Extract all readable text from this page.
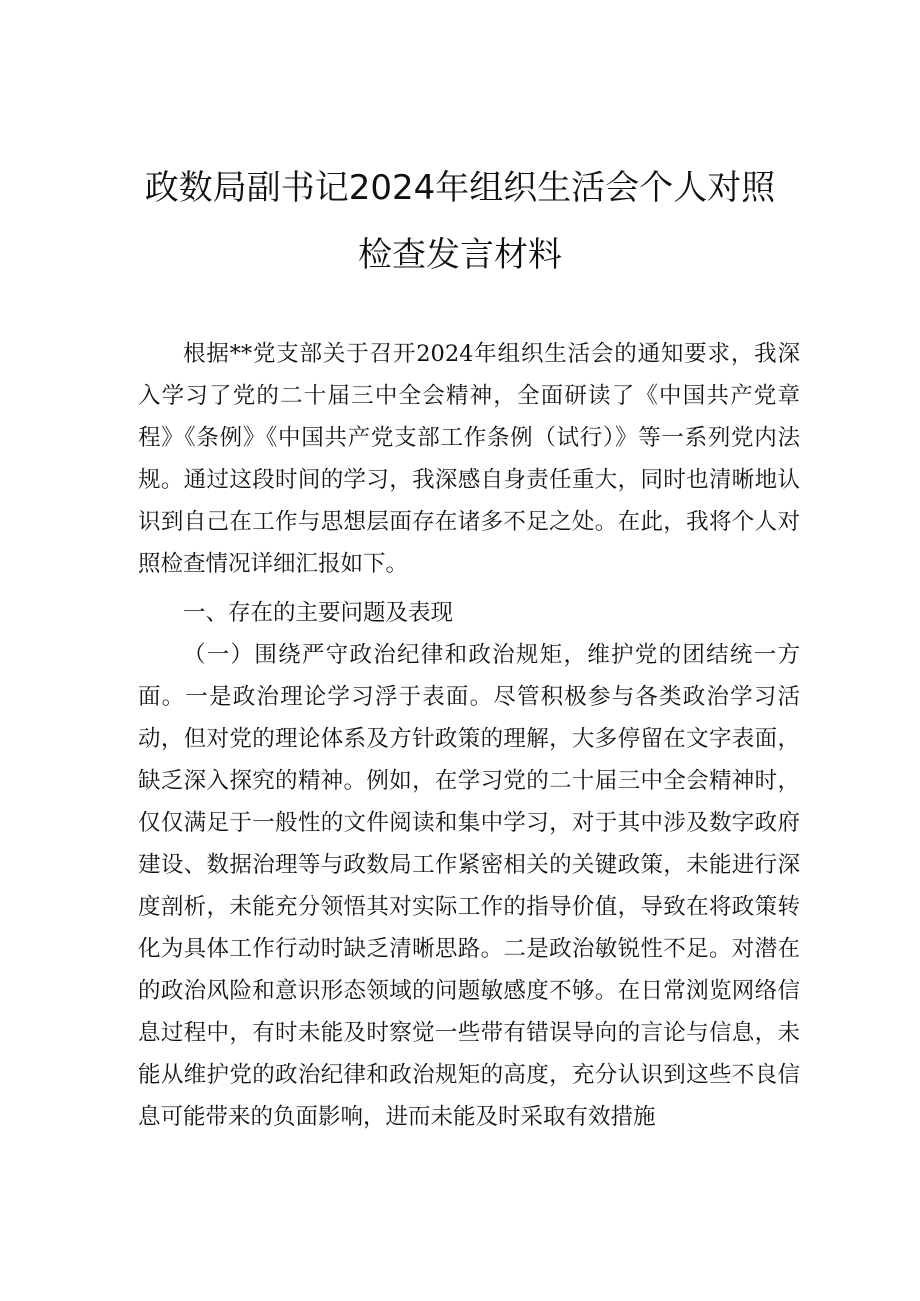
政数局副书记2024年组织生活会个人对照
检查发言材料

根据**党支部关于召开2024年组织生活会的通知要求，我深入学习了党的二十届三中全会精神，全面研读了《中国共产党章程》《条例》《中国共产党支部工作条例（试行）》等一系列党内法规。通过这段时间的学习，我深感自身责任重大，同时也清晰地认识到自己在工作与思想层面存在诸多不足之处。在此，我将个人对照检查情况详细汇报如下。

一、存在的主要问题及表现

（一）围绕严守政治纪律和政治规矩，维护党的团结统一方面。一是政治理论学习浮于表面。尽管积极参与各类政治学习活动，但对党的理论体系及方针政策的理解，大多停留在文字表面，缺乏深入探究的精神。例如，在学习党的二十届三中全会精神时，仅仅满足于一般性的文件阅读和集中学习，对于其中涉及数字政府建设、数据治理等与政数局工作紧密相关的关键政策，未能进行深度剖析，未能充分领悟其对实际工作的指导价值，导致在将政策转化为具体工作行动时缺乏清晰思路。二是政治敏锐性不足。对潜在的政治风险和意识形态领域的问题敏感度不够。在日常浏览网络信息过程中，有时未能及时察觉一些带有错误导向的言论与信息，未能从维护党的政治纪律和政治规矩的高度，充分认识到这些不良信息可能带来的负面影响，进而未能及时采取有效措施
